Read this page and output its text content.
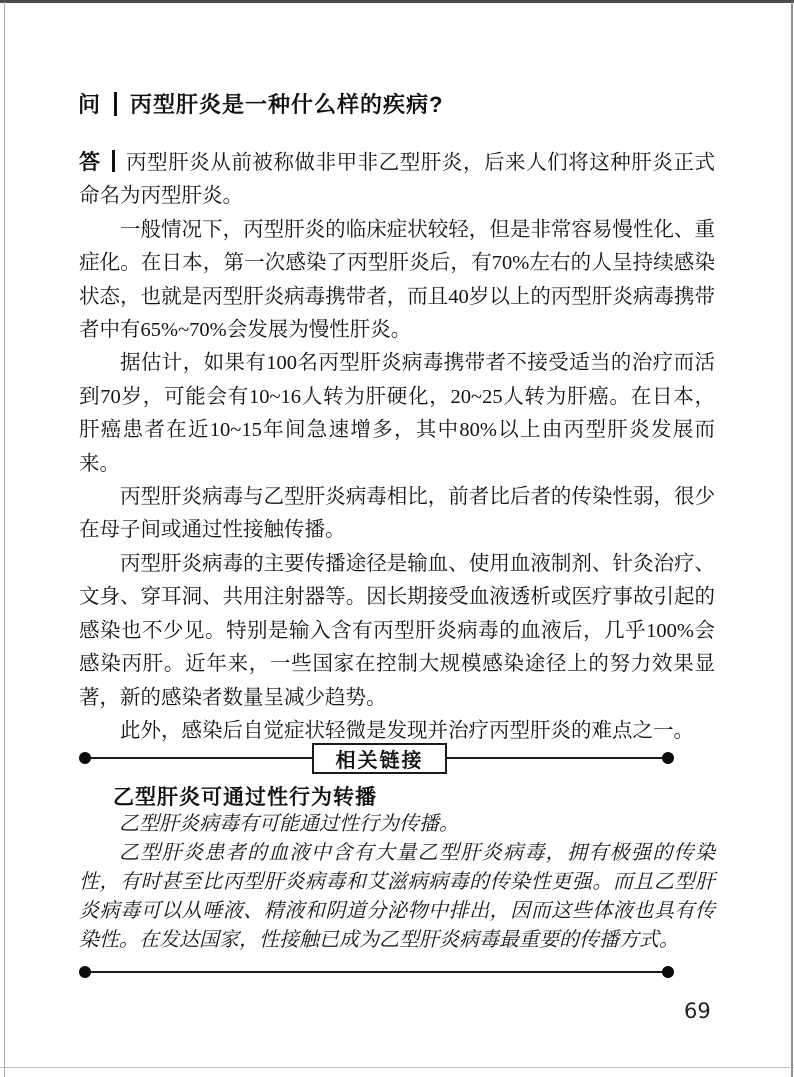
问 丙型肝炎是一种什么样的疾病?

答 丙型肝炎从前被称做非甲非乙型肝炎，后来人们将这种肝炎正式命名为丙型肝炎。

一般情况下，丙型肝炎的临床症状较轻，但是非常容易慢性化、重症化。在日本，第一次感染了丙型肝炎后，有70%左右的人呈持续感染状态，也就是丙型肝炎病毒携带者，而且40岁以上的丙型肝炎病毒携带者中有65%~70%会发展为慢性肝炎。

据估计，如果有100名丙型肝炎病毒携带者不接受适当的治疗而活到70岁，可能会有10~16人转为肝硬化，20~25人转为肝癌。在日本，肝癌患者在近10~15年间急速增多，其中80%以上由丙型肝炎发展而来。

丙型肝炎病毒与乙型肝炎病毒相比，前者比后者的传染性弱，很少在母子间或通过性接触传播。

丙型肝炎病毒的主要传播途径是输血、使用血液制剂、针灸治疗、文身、穿耳洞、共用注射器等。因长期接受血液透析或医疗事故引起的感染也不少见。特别是输入含有丙型肝炎病毒的血液后，几乎100%会感染丙肝。近年来，一些国家在控制大规模感染途径上的努力效果显著，新的感染者数量呈减少趋势。

此外，感染后自觉症状轻微是发现并治疗丙型肝炎的难点之一。

相关链接
乙型肝炎可通过性行为转播

乙型肝炎病毒有可能通过性行为传播。

乙型肝炎患者的血液中含有大量乙型肝炎病毒，拥有极强的传染性，有时甚至比丙型肝炎病毒和艾滋病病毒的传染性更强。而且乙型肝炎病毒可以从唾液、精液和阴道分泌物中排出，因而这些体液也具有传染性。在发达国家，性接触已成为乙型肝炎病毒最重要的传播方式。

69
